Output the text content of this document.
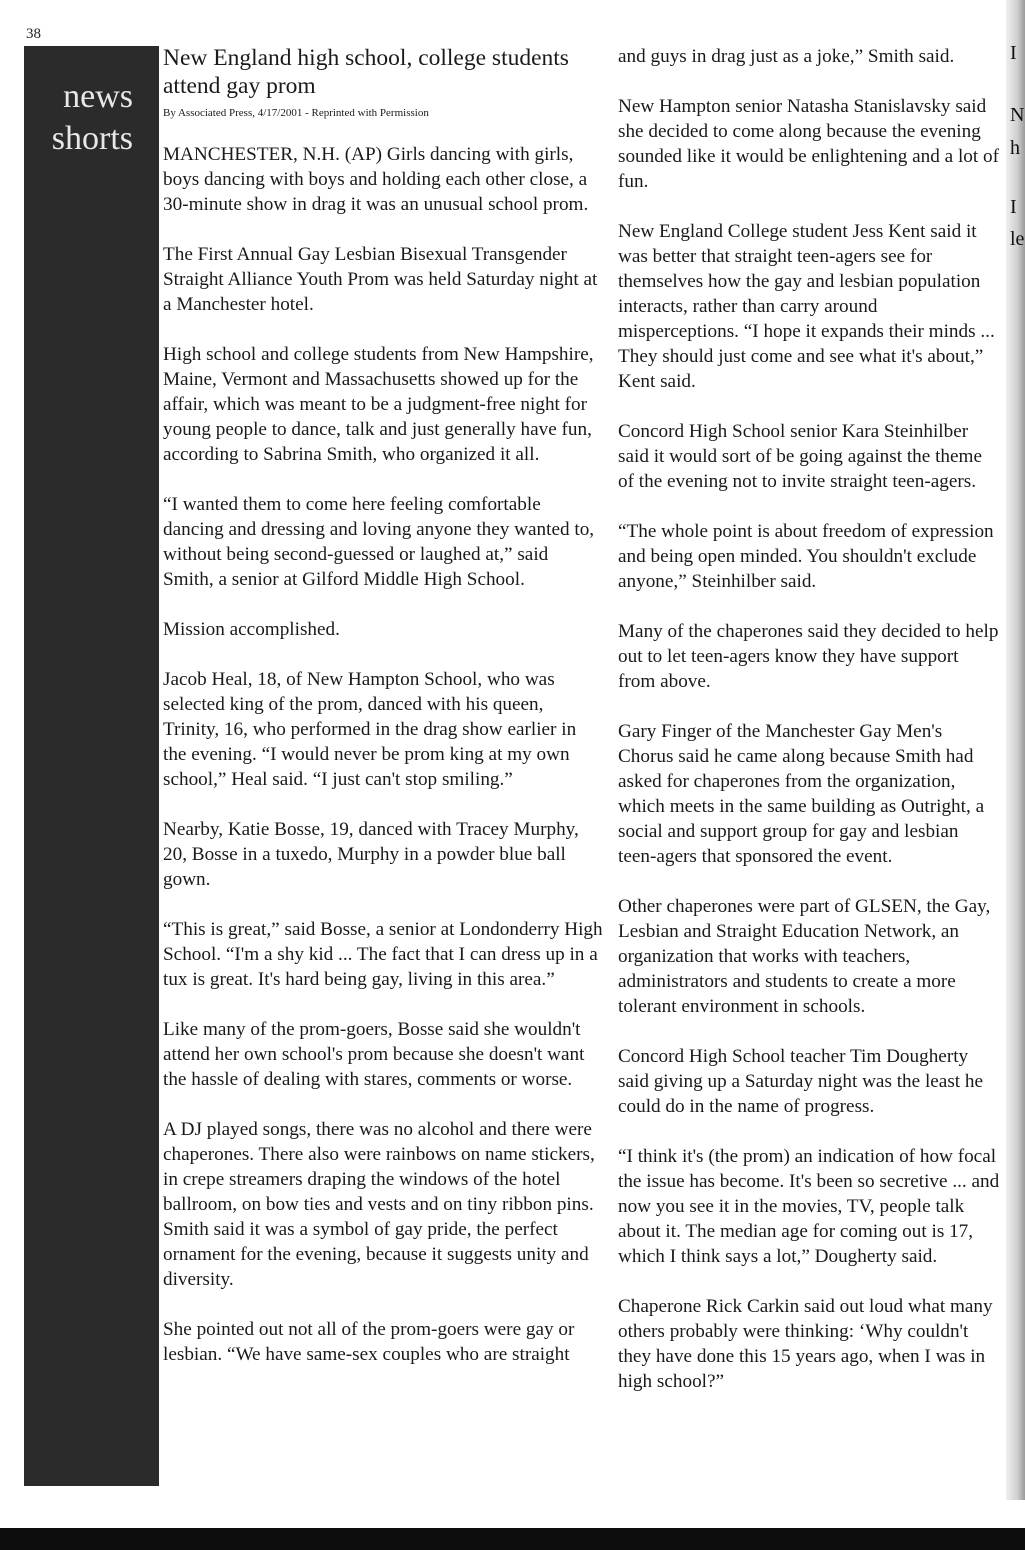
38
news
shorts
New England high school, college students attend gay prom
By Associated Press, 4/17/2001 - Reprinted with Permission

MANCHESTER, N.H. (AP) Girls dancing with girls, boys dancing with boys and holding each other close, a 30-minute show in drag it was an unusual school prom.

The First Annual Gay Lesbian Bisexual Transgender Straight Alliance Youth Prom was held Saturday night at a Manchester hotel.

High school and college students from New Hampshire, Maine, Vermont and Massachusetts showed up for the affair, which was meant to be a judgment-free night for young people to dance, talk and just generally have fun, according to Sabrina Smith, who organized it all.

“I wanted them to come here feeling comfortable dancing and dressing and loving anyone they wanted to, without being second-guessed or laughed at,” said Smith, a senior at Gilford Middle High School.

Mission accomplished.

Jacob Heal, 18, of New Hampton School, who was selected king of the prom, danced with his queen, Trinity, 16, who performed in the drag show earlier in the evening. “I would never be prom king at my own school,” Heal said. “I just can't stop smiling.”

Nearby, Katie Bosse, 19, danced with Tracey Murphy, 20, Bosse in a tuxedo, Murphy in a powder blue ball gown.

“This is great,” said Bosse, a senior at Londonderry High School. “I'm a shy kid ... The fact that I can dress up in a tux is great. It's hard being gay, living in this area.”

Like many of the prom-goers, Bosse said she wouldn't attend her own school's prom because she doesn't want the hassle of dealing with stares, comments or worse.

A DJ played songs, there was no alcohol and there were chaperones. There also were rainbows on name stickers, in crepe streamers draping the windows of the hotel ballroom, on bow ties and vests and on tiny ribbon pins. Smith said it was a symbol of gay pride, the perfect ornament for the evening, because it suggests unity and diversity.

She pointed out not all of the prom-goers were gay or lesbian. “We have same-sex couples who are straight

and guys in drag just as a joke,” Smith said.

New Hampton senior Natasha Stanislavsky said she decided to come along because the evening sounded like it would be enlightening and a lot of fun.

New England College student Jess Kent said it was better that straight teen-agers see for themselves how the gay and lesbian population interacts, rather than carry around misperceptions. “I hope it expands their minds ... They should just come and see what it's about,” Kent said.

Concord High School senior Kara Steinhilber said it would sort of be going against the theme of the evening not to invite straight teen-agers.

“The whole point is about freedom of expression and being open minded. You shouldn't exclude anyone,” Steinhilber said.

Many of the chaperones said they decided to help out to let teen-agers know they have support from above.

Gary Finger of the Manchester Gay Men's Chorus said he came along because Smith had asked for chaperones from the organization, which meets in the same building as Outright, a social and support group for gay and lesbian teen-agers that sponsored the event.

Other chaperones were part of GLSEN, the Gay, Lesbian and Straight Education Network, an organization that works with teachers, administrators and students to create a more tolerant environment in schools.

Concord High School teacher Tim Dougherty said giving up a Saturday night was the least he could do in the name of progress.

“I think it's (the prom) an indication of how focal the issue has become. It's been so secretive ... and now you see it in the movies, TV, people talk about it. The median age for coming out is 17, which I think says a lot,” Dougherty said.

Chaperone Rick Carkin said out loud what many others probably were thinking: ‘Why couldn't they have done this 15 years ago, when I was in high school?”

I
N
h
I
le
